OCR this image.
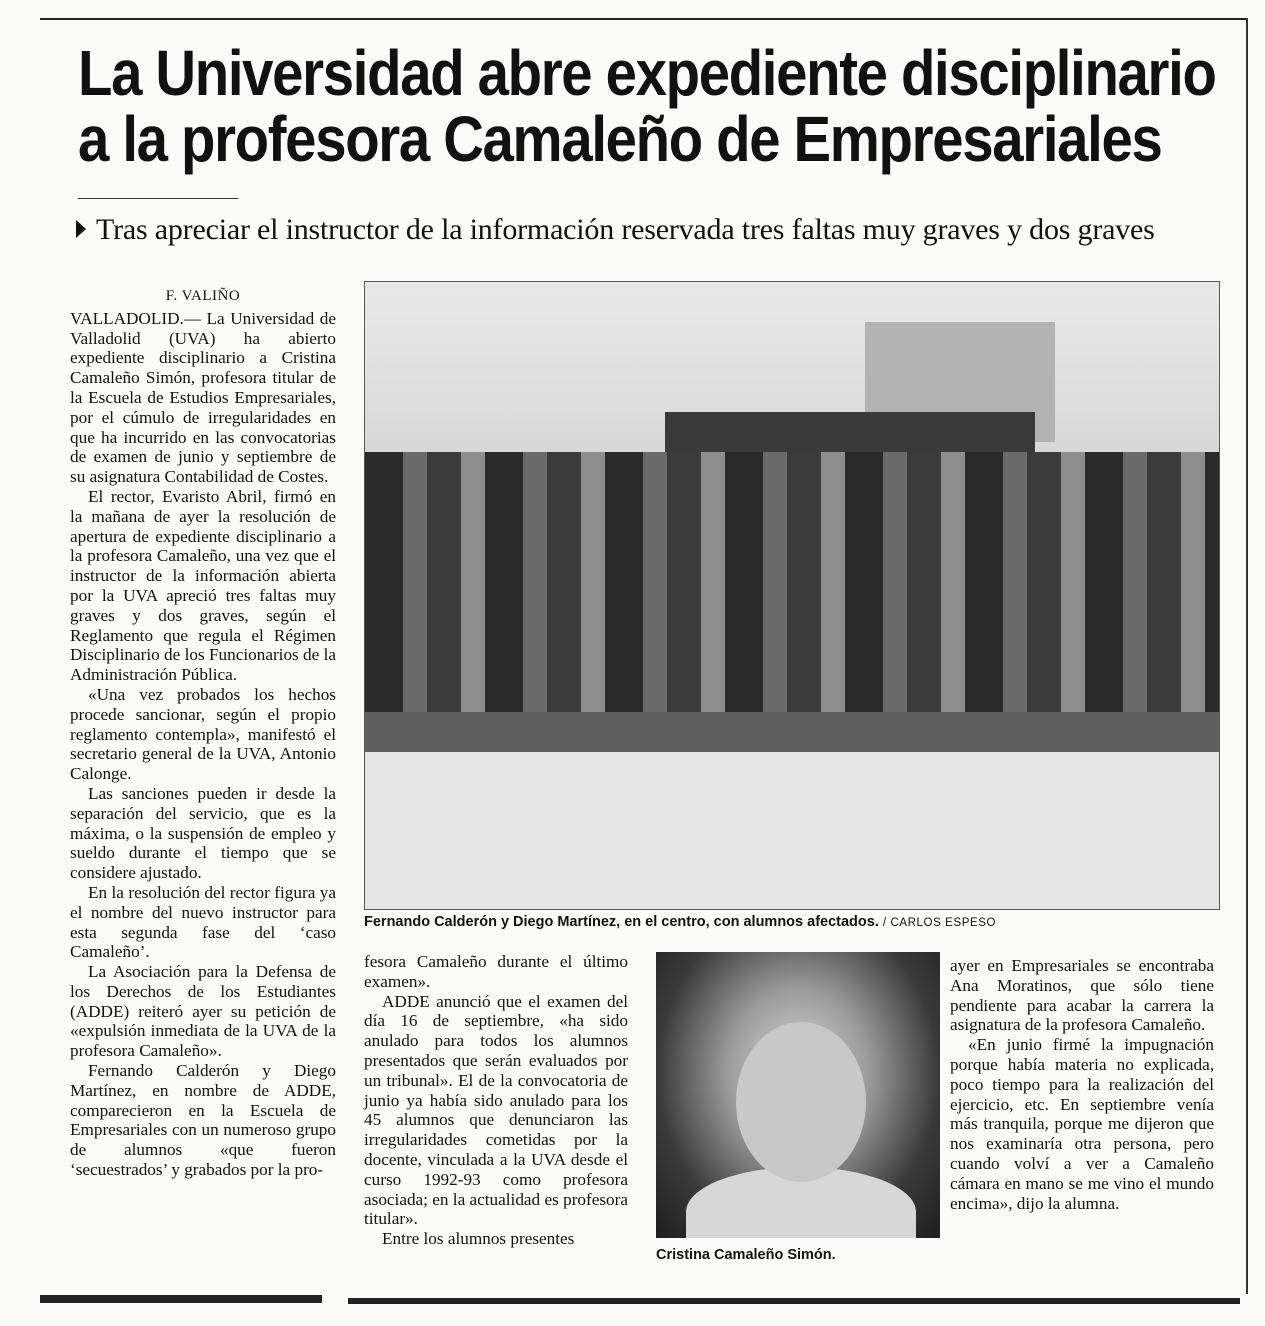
La Universidad abre expediente disciplinario
a la profesora Camaleño de Empresariales
Tras apreciar el instructor de la información reservada tres faltas muy graves y dos graves

F. VALIÑO

VALLADOLID.— La Universidad de Valladolid (UVA) ha abierto expediente disciplinario a Cristina Camaleño Simón, profesora titular de la Escuela de Estudios Empresariales, por el cúmulo de irregularidades en que ha incurrido en las convocatorias de examen de junio y septiembre de su asignatura Contabilidad de Costes.

El rector, Evaristo Abril, firmó en la mañana de ayer la resolución de apertura de expediente disciplinario a la profesora Camaleño, una vez que el instructor de la información abierta por la UVA apreció tres faltas muy graves y dos graves, según el Reglamento que regula el Régimen Disciplinario de los Funcionarios de la Administración Pública.

«Una vez probados los hechos procede sancionar, según el propio reglamento contempla», manifestó el secretario general de la UVA, Antonio Calonge.

Las sanciones pueden ir desde la separación del servicio, que es la máxima, o la suspensión de empleo y sueldo durante el tiempo que se considere ajustado.

En la resolución del rector figura ya el nombre del nuevo instructor para esta segunda fase del ‘caso Camaleño’.

La Asociación para la Defensa de los Derechos de los Estudiantes (ADDE) reiteró ayer su petición de «expulsión inmediata de la UVA de la profesora Camaleño».

Fernando Calderón y Diego Martínez, en nombre de ADDE, comparecieron en la Escuela de Empresariales con un numeroso grupo de alumnos «que fueron ‘secuestrados’ y grabados por la pro-

Fernando Calderón y Diego Martínez, en el centro, con alumnos afectados. / CARLOS ESPESO

fesora Camaleño durante el último examen».

ADDE anunció que el examen del día 16 de septiembre, «ha sido anulado para todos los alumnos presentados que serán evaluados por un tribunal». El de la convocatoria de junio ya había sido anulado para los 45 alumnos que denunciaron las irregularidades cometidas por la docente, vinculada a la UVA desde el curso 1992-93 como profesora asociada; en la actualidad es profesora titular».

Entre los alumnos presentes

Cristina Camaleño Simón.

ayer en Empresariales se encontraba Ana Moratinos, que sólo tiene pendiente para acabar la carrera la asignatura de la profesora Camaleño.

«En junio firmé la impugnación porque había materia no explicada, poco tiempo para la realización del ejercicio, etc. En septiembre venía más tranquila, porque me dijeron que nos examinaría otra persona, pero cuando volví a ver a Camaleño cámara en mano se me vino el mundo encima», dijo la alumna.
